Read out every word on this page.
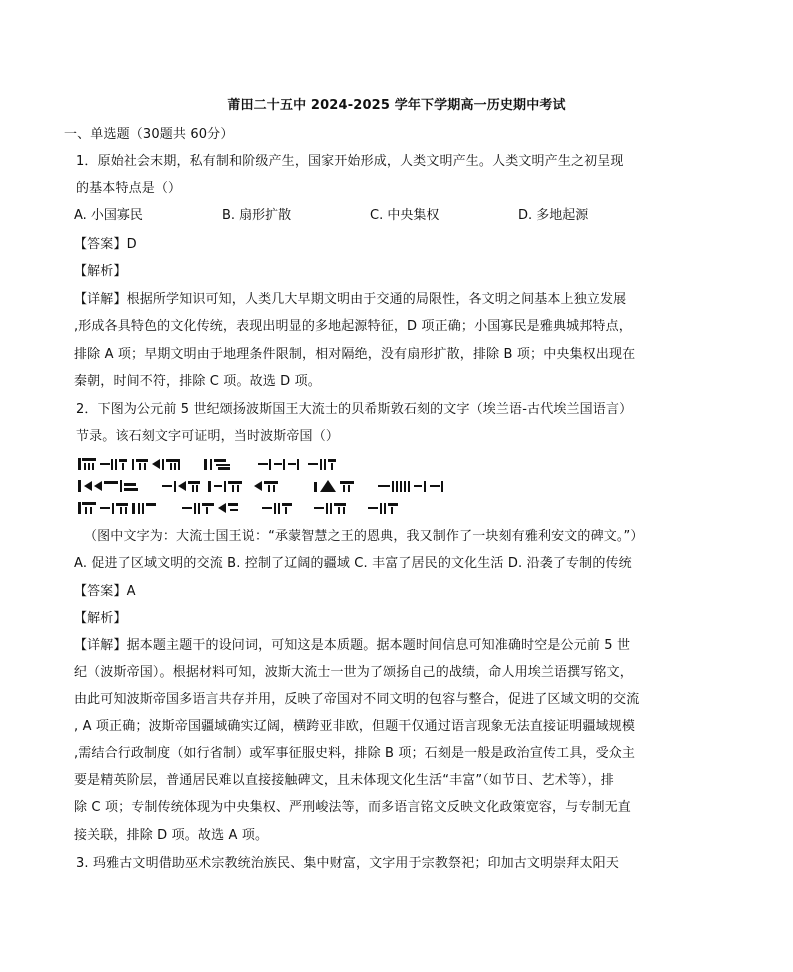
莆田二十五中 2024-2025 学年下学期高一历史期中考试
一、单选题（30题共 60分）
1．原始社会末期，私有制和阶级产生，国家开始形成，人类文明产生。人类文明产生之初呈现
的基本特点是（）
A. 小国寡民	B. 扇形扩散	C. 中央集权	D. 多地起源
【答案】D
【解析】
【详解】根据所学知识可知，人类几大早期文明由于交通的局限性，各文明之间基本上独立发展
,形成各具特色的文化传统，表现出明显的多地起源特征，D 项正确；小国寡民是雅典城邦特点，
排除 A 项；早期文明由于地理条件限制，相对隔绝，没有扇形扩散，排除 B 项；中央集权出现在
秦朝，时间不符，排除 C 项。故选 D 项。
2．下图为公元前 5 世纪颂扬波斯国王大流士的贝希斯敦石刻的文字（埃兰语-古代埃兰国语言）
节录。该石刻文字可证明，当时波斯帝国（）
（图中文字为：大流士国王说：“承蒙智慧之王的恩典，我又制作了一块刻有雅利安文的碑文。”）
A. 促进了区域文明的交流 B. 控制了辽阔的疆域 C. 丰富了居民的文化生活 D. 沿袭了专制的传统
【答案】A
【解析】
【详解】据本题主题干的设问词，可知这是本质题。据本题时间信息可知准确时空是公元前 5 世
纪（波斯帝国）。根据材料可知，波斯大流士一世为了颂扬自己的战绩，命人用埃兰语撰写铭文，
由此可知波斯帝国多语言共存并用，反映了帝国对不同文明的包容与整合，促进了区域文明的交流
, A 项正确；波斯帝国疆域确实辽阔，横跨亚非欧，但题干仅通过语言现象无法直接证明疆域规模
,需结合行政制度（如行省制）或军事征服史料，排除 B 项；石刻是一般是政治宣传工具，受众主
要是精英阶层，普通居民难以直接接触碑文，且未体现文化生活“丰富”（如节日、艺术等），排
除 C 项；专制传统体现为中央集权、严刑峻法等，而多语言铭文反映文化政策宽容，与专制无直
接关联，排除 D 项。故选 A 项。
3. 玛雅古文明借助巫术宗教统治族民、集中财富，文字用于宗教祭祀；印加古文明崇拜太阳天
